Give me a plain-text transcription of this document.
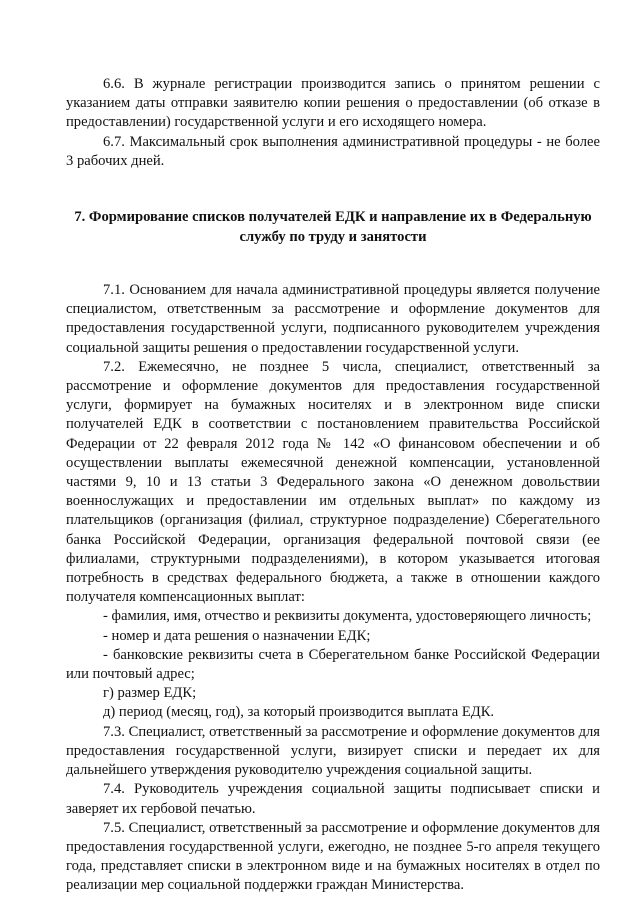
6.6. В журнале регистрации производится запись о принятом решении с указанием даты отправки заявителю копии решения о предоставлении (об отказе в предоставлении) государственной услуги и его исходящего номера.

6.7. Максимальный срок выполнения административной процедуры - не более 3 рабочих дней.

7. Формирование списков получателей ЕДК и направление их в Федеральную службу по труду и занятости

7.1. Основанием для начала административной процедуры является получение специалистом, ответственным за рассмотрение и оформление документов для предоставления государственной услуги, подписанного руководителем учреждения социальной защиты решения о предоставлении государственной услуги.

7.2. Ежемесячно, не позднее 5 числа, специалист, ответственный за рассмотрение и оформление документов для предоставления государственной услуги, формирует на бумажных носителях и в электронном виде списки получателей ЕДК в соответствии с постановлением правительства Российской Федерации от 22 февраля 2012 года № 142 «О финансовом обеспечении и об осуществлении выплаты ежемесячной денежной компенсации, установленной частями 9, 10 и 13 статьи 3 Федерального закона «О денежном довольствии военнослужащих и предоставлении им отдельных выплат» по каждому из плательщиков (организация (филиал, структурное подразделение) Сберегательного банка Российской Федерации, организация федеральной почтовой связи (ее филиалами, структурными подразделениями), в котором указывается итоговая потребность в средствах федерального бюджета, а также в отношении каждого получателя компенсационных выплат:

- фамилия, имя, отчество и реквизиты документа, удостоверяющего личность;

- номер и дата решения о назначении ЕДК;

- банковские реквизиты счета в Сберегательном банке Российской Федерации или почтовый адрес;

г) размер ЕДК;

д) период (месяц, год), за который производится выплата ЕДК.

7.3. Специалист, ответственный за рассмотрение и оформление документов для предоставления государственной услуги, визирует списки и передает их для дальнейшего утверждения руководителю учреждения социальной защиты.

7.4. Руководитель учреждения социальной защиты подписывает списки и заверяет их гербовой печатью.

7.5. Специалист, ответственный за рассмотрение и оформление документов для предоставления государственной услуги, ежегодно, не позднее 5-го апреля текущего года, представляет списки в электронном виде и на бумажных носителях в отдел по реализации мер социальной поддержки граждан Министерства.
